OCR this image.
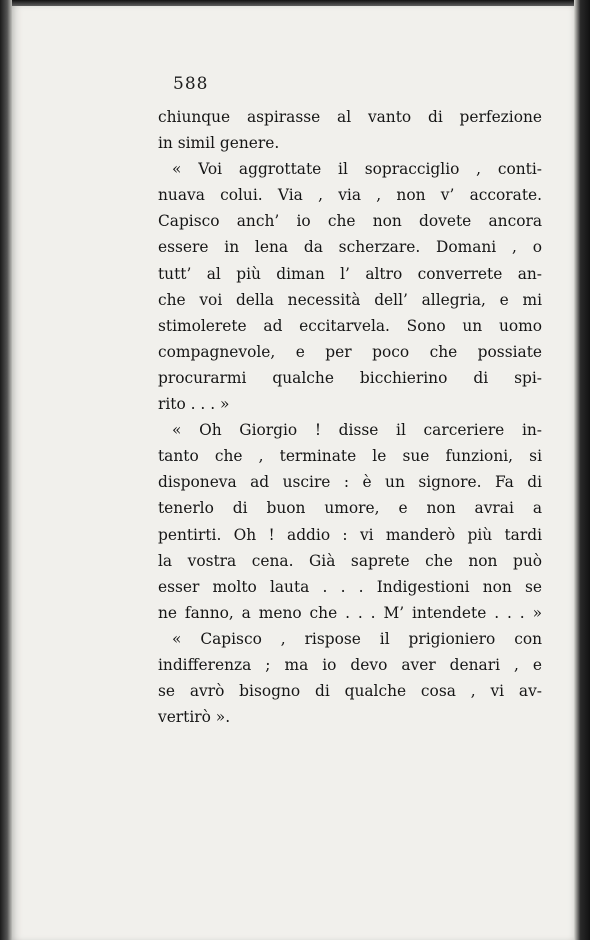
588
chiunque aspirasse al vanto di perfezione
in simil genere.
« Voi aggrottate il sopracciglio , conti-
nuava colui. Via , via , non v’ accorate.
Capisco anch’ io che non dovete ancora
essere in lena da scherzare. Domani , o
tutt’ al più diman l’ altro converrete an-
che voi della necessità dell’ allegria, e mi
stimolerete ad eccitarvela. Sono un uomo
compagnevole, e per poco che possiate
procurarmi qualche bicchierino di spi-
rito . . . »
« Oh Giorgio ! disse il carceriere in-
tanto che , terminate le sue funzioni, si
disponeva ad uscire : è un signore. Fa di
tenerlo di buon umore, e non avrai a
pentirti. Oh ! addio : vi manderò più tardi
la vostra cena. Già saprete che non può
esser molto lauta . . . Indigestioni non se
ne fanno, a meno che . . . M’ intendete . . . »
« Capisco , rispose il prigioniero con
indifferenza ; ma io devo aver denari , e
se avrò bisogno di qualche cosa , vi av-
vertirò ».
